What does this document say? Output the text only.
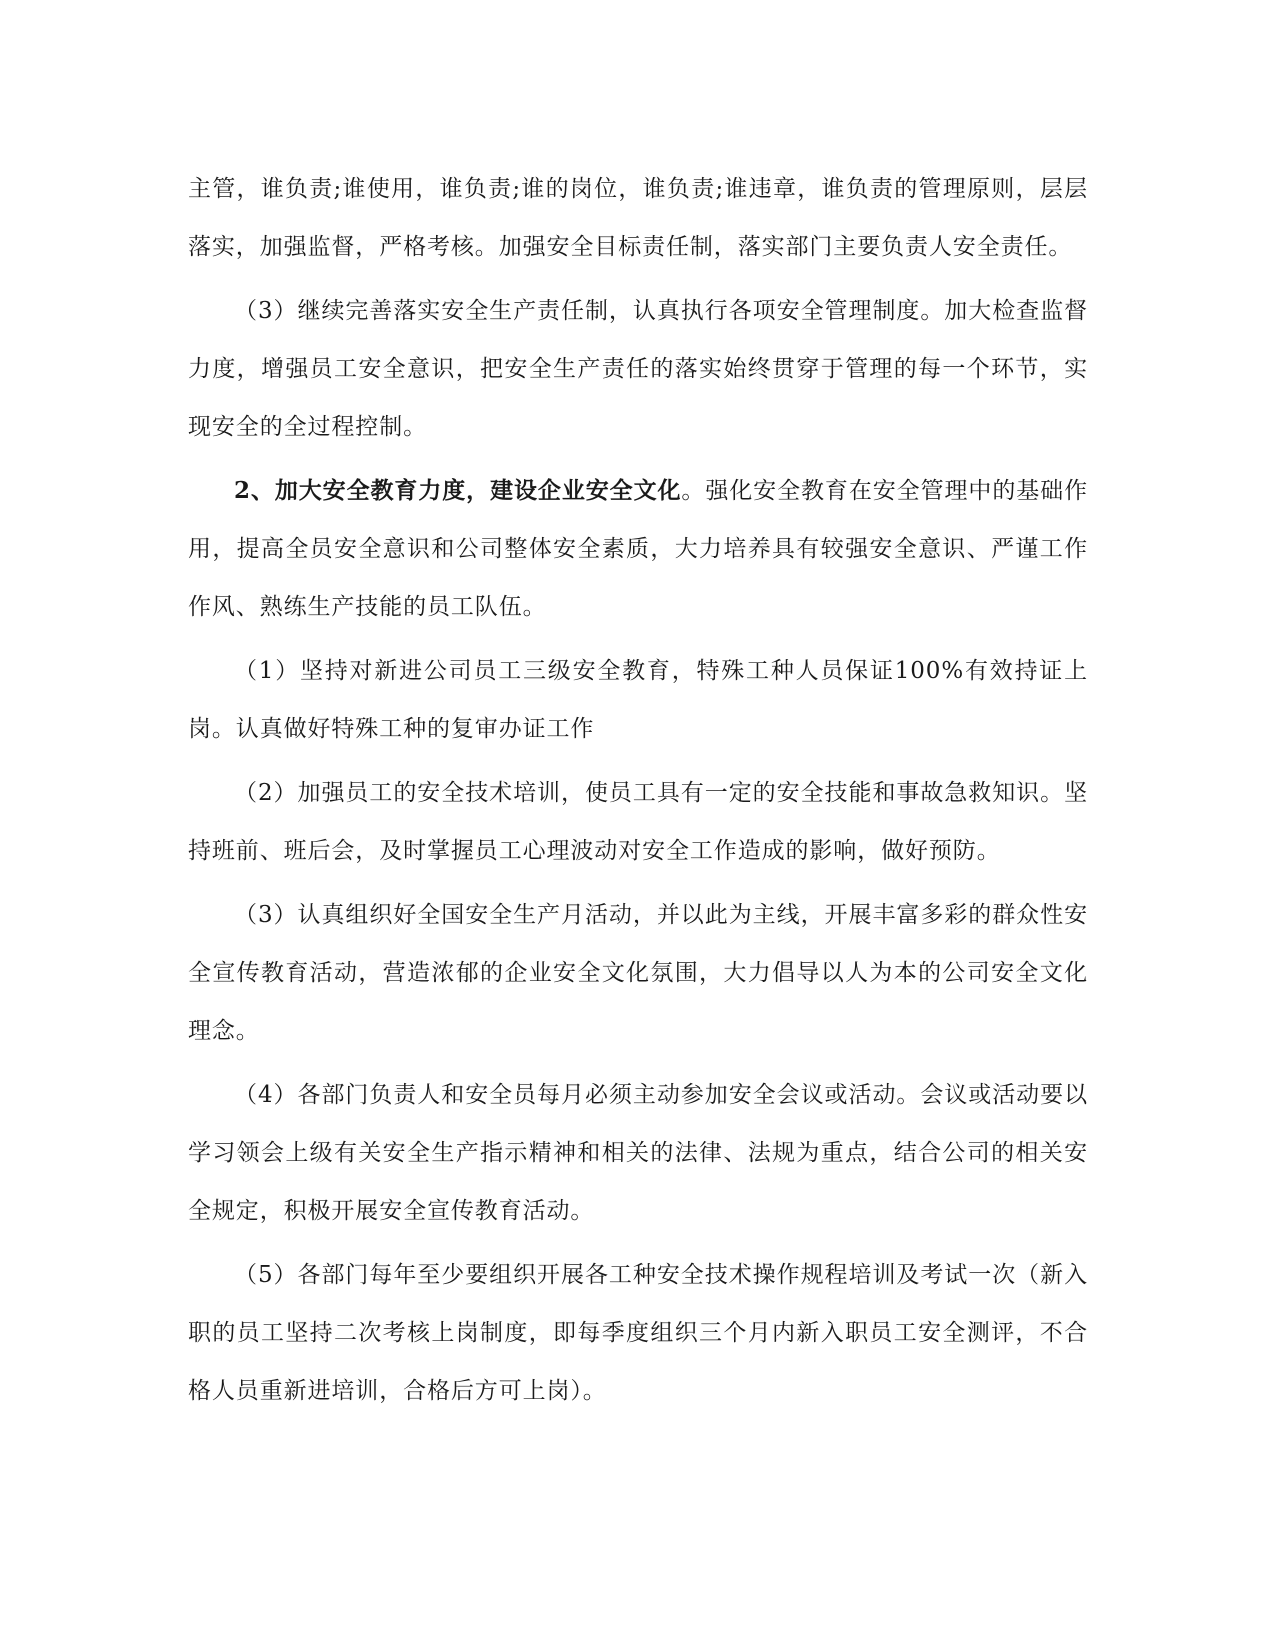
主管，谁负责;谁使用，谁负责;谁的岗位，谁负责;谁违章，谁负责的管理原则，层层落实，加强监督，严格考核。加强安全目标责任制，落实部门主要负责人安全责任。

（3）继续完善落实安全生产责任制，认真执行各项安全管理制度。加大检查监督力度，增强员工安全意识，把安全生产责任的落实始终贯穿于管理的每一个环节，实现安全的全过程控制。

2、加大安全教育力度，建设企业安全文化。强化安全教育在安全管理中的基础作用，提高全员安全意识和公司整体安全素质，大力培养具有较强安全意识、严谨工作作风、熟练生产技能的员工队伍。

（1）坚持对新进公司员工三级安全教育，特殊工种人员保证100%有效持证上岗。认真做好特殊工种的复审办证工作

（2）加强员工的安全技术培训，使员工具有一定的安全技能和事故急救知识。坚持班前、班后会，及时掌握员工心理波动对安全工作造成的影响，做好预防。

（3）认真组织好全国安全生产月活动，并以此为主线，开展丰富多彩的群众性安全宣传教育活动，营造浓郁的企业安全文化氛围，大力倡导以人为本的公司安全文化理念。

（4）各部门负责人和安全员每月必须主动参加安全会议或活动。会议或活动要以学习领会上级有关安全生产指示精神和相关的法律、法规为重点，结合公司的相关安全规定，积极开展安全宣传教育活动。

（5）各部门每年至少要组织开展各工种安全技术操作规程培训及考试一次（新入职的员工坚持二次考核上岗制度，即每季度组织三个月内新入职员工安全测评，不合格人员重新进培训，合格后方可上岗）。
